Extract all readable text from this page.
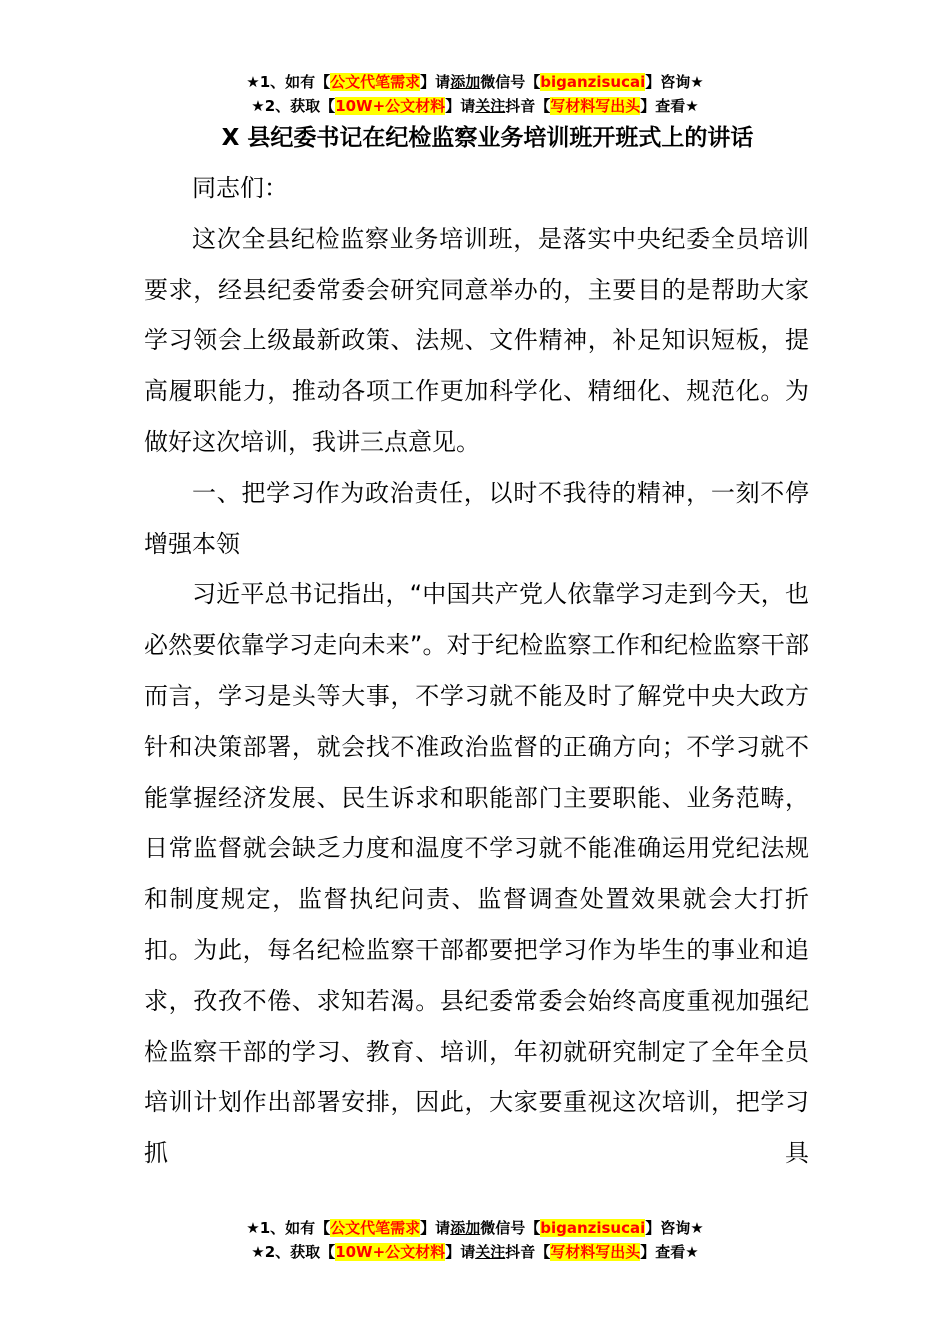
★1、如有【公文代笔需求】请添加微信号【biganzisucai】咨询★
★2、获取【10W+公文材料】请关注抖音【写材料写出头】查看★
X 县纪委书记在纪检监察业务培训班开班式上的讲话

同志们：

这次全县纪检监察业务培训班，是落实中央纪委全员培训要求，经县纪委常委会研究同意举办的，主要目的是帮助大家学习领会上级最新政策、法规、文件精神，补足知识短板，提高履职能力，推动各项工作更加科学化、精细化、规范化。为做好这次培训，我讲三点意见。

一、把学习作为政治责任，以时不我待的精神，一刻不停增强本领

习近平总书记指出，“中国共产党人依靠学习走到今天，也必然要依靠学习走向未来”。对于纪检监察工作和纪检监察干部而言，学习是头等大事，不学习就不能及时了解党中央大政方针和决策部署，就会找不准政治监督的正确方向；不学习就不能掌握经济发展、民生诉求和职能部门主要职能、业务范畴，日常监督就会缺乏力度和温度不学习就不能准确运用党纪法规和制度规定，监督执纪问责、监督调查处置效果就会大打折扣。为此，每名纪检监察干部都要把学习作为毕生的事业和追求，孜孜不倦、求知若渴。县纪委常委会始终高度重视加强纪检监察干部的学习、教育、培训，年初就研究制定了全年全员培训计划作出部署安排，因此，大家要重视这次培训，把学习抓具

★1、如有【公文代笔需求】请添加微信号【biganzisucai】咨询★
★2、获取【10W+公文材料】请关注抖音【写材料写出头】查看★
